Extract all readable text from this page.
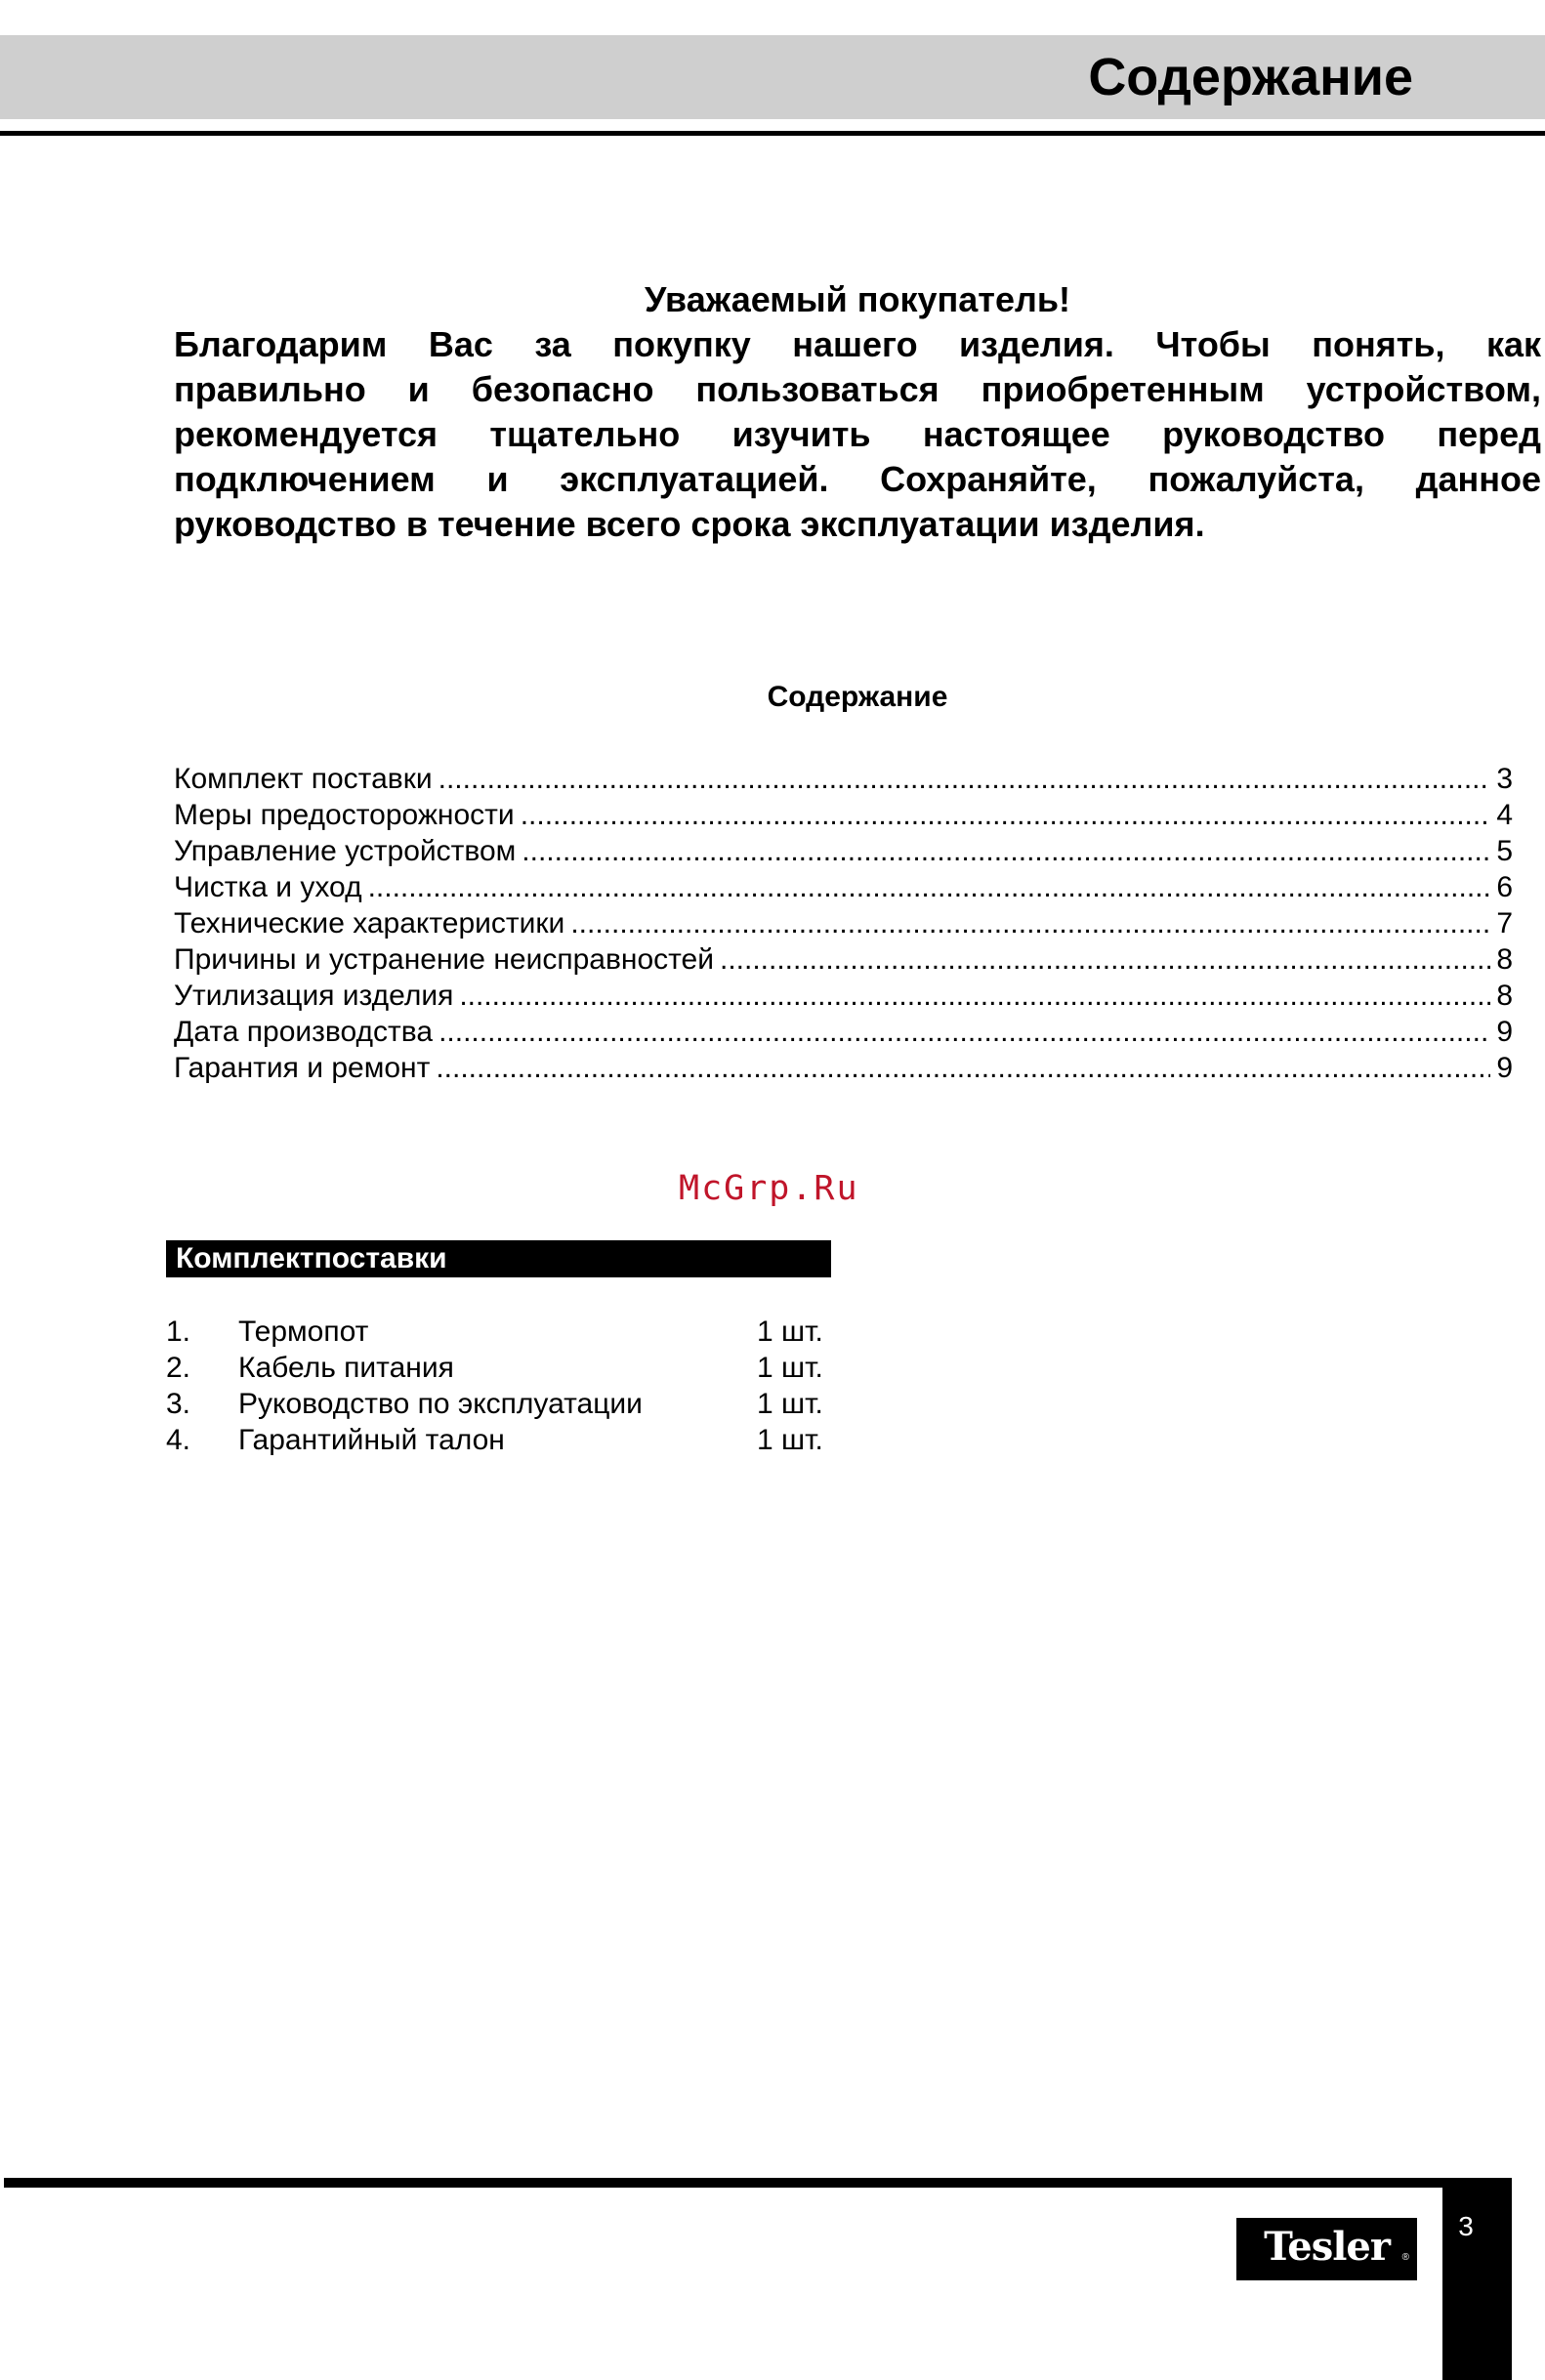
Содержание
Уважаемый покупатель!
Благодарим Вас за покупку нашего изделия. Чтобы понять, как
правильно и безопасно пользоваться приобретенным устройством,
рекомендуется тщательно изучить настоящее руководство перед
подключением и эксплуатацией. Сохраняйте, пожалуйста, данное
руководство в течение всего срока эксплуатации изделия.
Содержание
Комплект поставки .....	3
Меры предосторожности .....	4
Управление устройством .....	5
Чистка и уход .....	6
Технические характеристики .....	7
Причины и устранение неисправностей .....	8
Утилизация изделия .....	8
Дата производства .....	9
Гарантия и ремонт .....	9
McGrp.Ru
Комплектпоставки
1. Термопот	1 шт.
2. Кабель питания	1 шт.
3. Руководство по эксплуатации	1 шт.
4. Гарантийный талон	1 шт.
3
Tesler	®
